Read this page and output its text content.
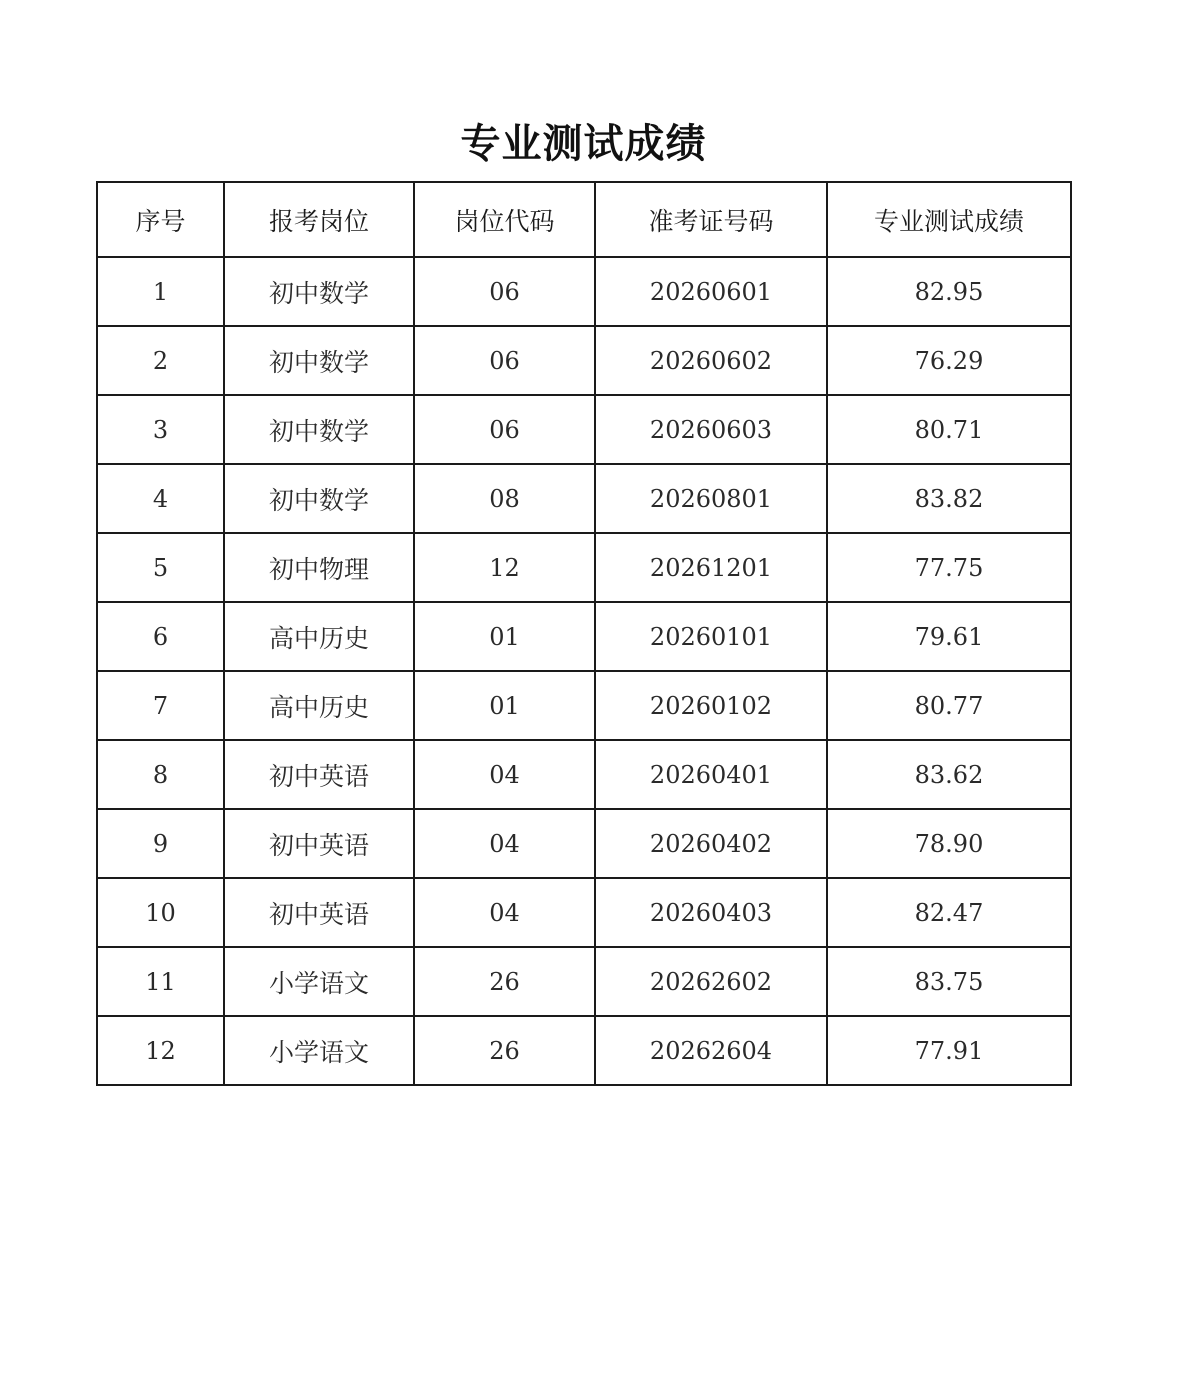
专业测试成绩
序号	报考岗位	岗位代码	准考证号码	专业测试成绩
1	初中数学	06	20260601	82.95
2	初中数学	06	20260602	76.29
3	初中数学	06	20260603	80.71
4	初中数学	08	20260801	83.82
5	初中物理	12	20261201	77.75
6	高中历史	01	20260101	79.61
7	高中历史	01	20260102	80.77
8	初中英语	04	20260401	83.62
9	初中英语	04	20260402	78.90
10	初中英语	04	20260403	82.47
11	小学语文	26	20262602	83.75
12	小学语文	26	20262604	77.91
